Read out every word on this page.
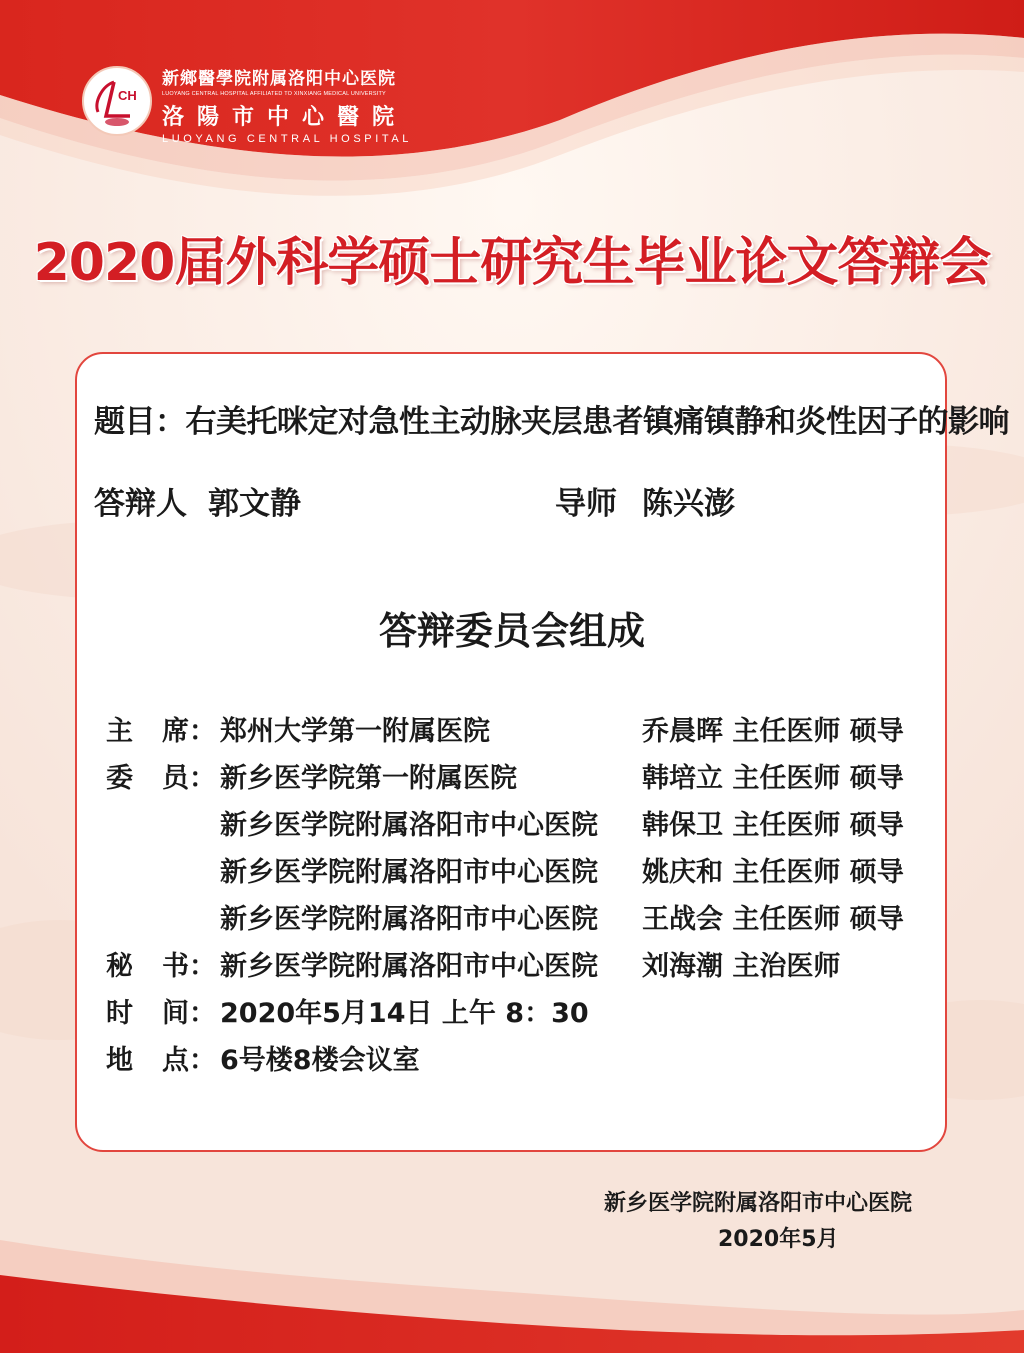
CH
新鄉醫學院附属洛阳中心医院
LUOYANG CENTRAL HOSPITAL AFFILIATED TO XINXIANG MEDICAL UNIVERSITY
洛陽市中心醫院
LUOYANG CENTRAL HOSPITAL
2020届外科学硕士研究生毕业论文答辩会
题目：右美托咪定对急性主动脉夹层患者镇痛镇静和炎性因子的影响
答辩人 郭文静	导师 陈兴澎
答辩委员会组成
主 席： 郑州大学第一附属医院	乔晨晖 主任医师 硕导
委 员： 新乡医学院第一附属医院	韩培立 主任医师 硕导
新乡医学院附属洛阳市中心医院 韩保卫 主任医师 硕导
新乡医学院附属洛阳市中心医院 姚庆和 主任医师 硕导
新乡医学院附属洛阳市中心医院 王战会 主任医师 硕导
秘 书： 新乡医学院附属洛阳市中心医院 刘海潮 主治医师
时 间： 2020年5月14日 上午 8：30
地 点： 6号楼8楼会议室
新乡医学院附属洛阳市中心医院
2020年5月
